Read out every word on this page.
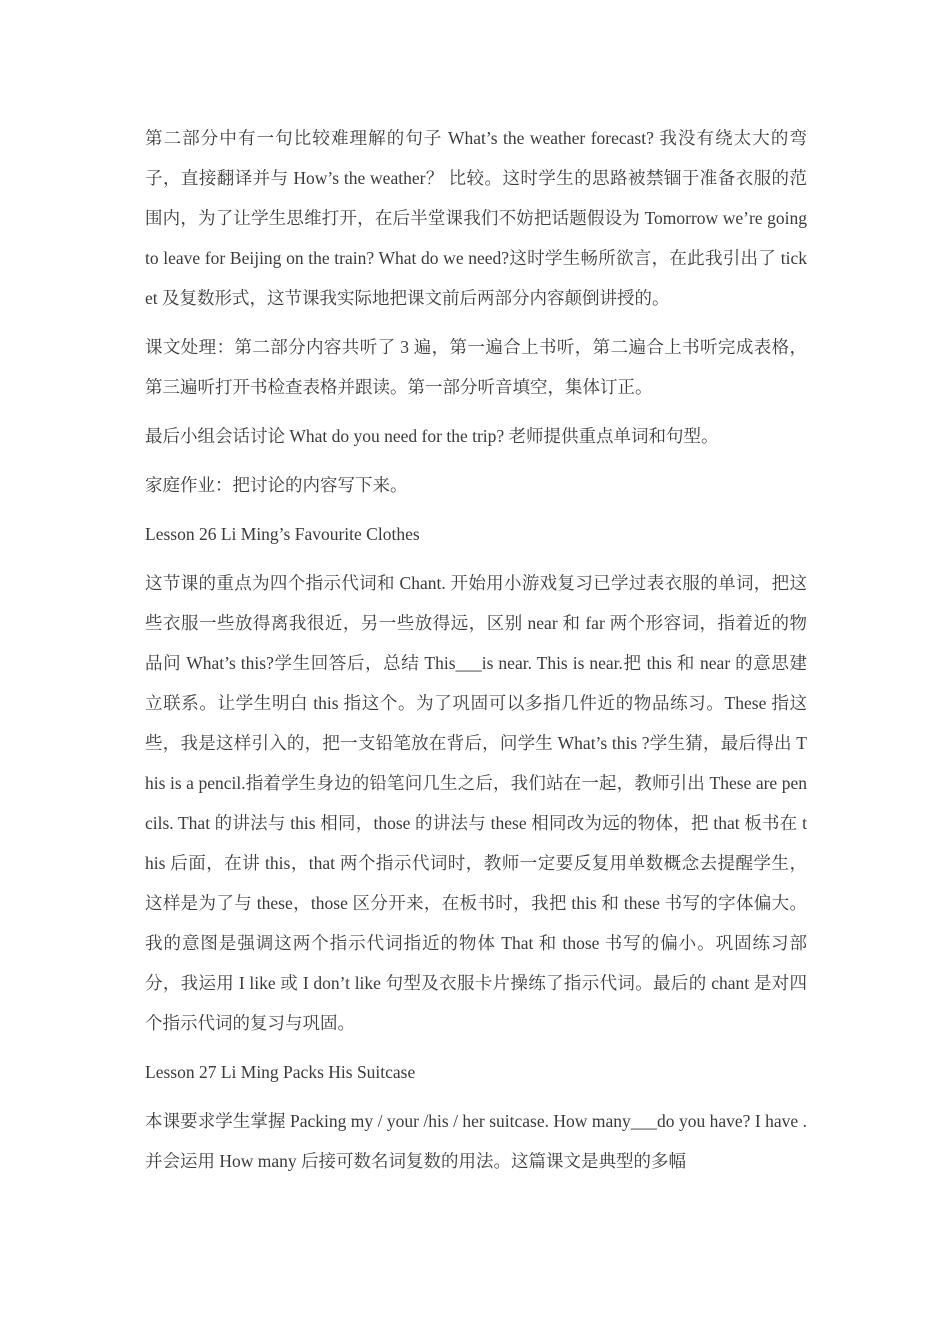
第二部分中有一句比较难理解的句子 What’s the weather forecast? 我没有绕太大的弯子，直接翻译并与 How’s the weather？ 比较。这时学生的思路被禁锢于准备衣服的范围内，为了让学生思维打开，在后半堂课我们不妨把话题假设为 Tomorrow we’re going to leave for Beijing on the train? What do we need?这时学生畅所欲言，在此我引出了 ticket 及复数形式，这节课我实际地把课文前后两部分内容颠倒讲授的。

课文处理：第二部分内容共听了 3 遍，第一遍合上书听，第二遍合上书听完成表格，第三遍听打开书检查表格并跟读。第一部分听音填空，集体订正。

最后小组会话讨论 What do you need for the trip? 老师提供重点单词和句型。

家庭作业：把讨论的内容写下来。

Lesson 26 Li Ming’s Favourite Clothes

这节课的重点为四个指示代词和 Chant. 开始用小游戏复习已学过表衣服的单词，把这些衣服一些放得离我很近，另一些放得远，区别 near 和 far 两个形容词，指着近的物品问 What’s this?学生回答后，总结 This___is near. This is near.把 this 和 near 的意思建立联系。让学生明白 this 指这个。为了巩固可以多指几件近的物品练习。These 指这些，我是这样引入的，把一支铅笔放在背后，问学生 What’s this ?学生猜，最后得出 This is a pencil.指着学生身边的铅笔问几生之后，我们站在一起，教师引出 These are pencils. That 的讲法与 this 相同，those 的讲法与 these 相同改为远的物体，把 that 板书在 this 后面，在讲 this，that 两个指示代词时，教师一定要反复用单数概念去提醒学生，这样是为了与 these，those 区分开来，在板书时，我把 this 和 these 书写的字体偏大。我的意图是强调这两个指示代词指近的物体 That 和 those 书写的偏小。巩固练习部分，我运用 I like 或 I don’t like 句型及衣服卡片操练了指示代词。最后的 chant 是对四个指示代词的复习与巩固。

Lesson 27 Li Ming Packs His Suitcase

本课要求学生掌握 Packing my / your /his / her suitcase. How many___do you have? I have .并会运用 How many 后接可数名词复数的用法。这篇课文是典型的多幅
